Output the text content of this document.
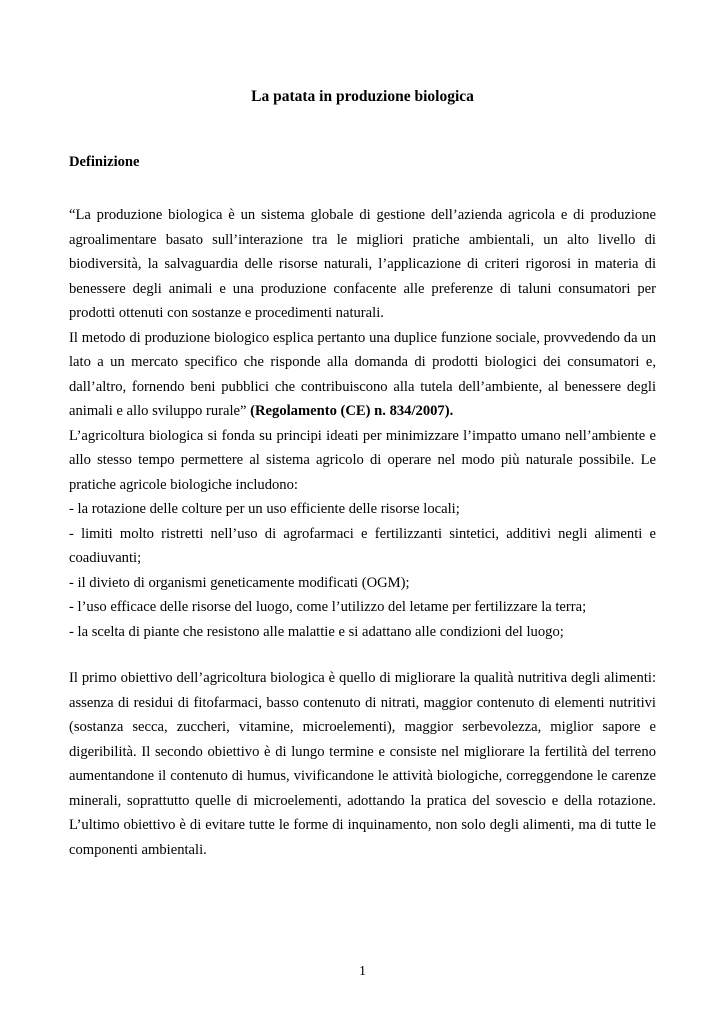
La patata in produzione biologica
Definizione

“La produzione biologica è un sistema globale di gestione dell’azienda agricola e di produzione agroalimentare basato sull’interazione tra le migliori pratiche ambientali, un alto livello di biodiversità, la salvaguardia delle risorse naturali, l’applicazione di criteri rigorosi in materia di benessere degli animali e una produzione confacente alle preferenze di taluni consumatori per prodotti ottenuti con sostanze e procedimenti naturali.

Il metodo di produzione biologico esplica pertanto una duplice funzione sociale, provvedendo da un lato a un mercato specifico che risponde alla domanda di prodotti biologici dei consumatori e, dall’altro, fornendo beni pubblici che contribuiscono alla tutela dell’ambiente, al benessere degli animali e allo sviluppo rurale” (Regolamento (CE) n. 834/2007).

L’agricoltura biologica si fonda su principi ideati per minimizzare l’impatto umano nell’ambiente e allo stesso tempo permettere al sistema agricolo di operare nel modo più naturale possibile. Le pratiche agricole biologiche includono:

- la rotazione delle colture per un uso efficiente delle risorse locali;

- limiti molto ristretti nell’uso di agrofarmaci e fertilizzanti sintetici, additivi negli alimenti e coadiuvanti;

- il divieto di organismi geneticamente modificati (OGM);

- l’uso efficace delle risorse del luogo, come l’utilizzo del letame per fertilizzare la terra;

- la scelta di piante che resistono alle malattie e si adattano alle condizioni del luogo;

Il primo obiettivo dell’agricoltura biologica è quello di migliorare la qualità nutritiva degli alimenti: assenza di residui di fitofarmaci, basso contenuto di nitrati, maggior contenuto di elementi nutritivi (sostanza secca, zuccheri, vitamine, microelementi), maggior serbevolezza, miglior sapore e digeribilità. Il secondo obiettivo è di lungo termine e consiste nel migliorare la fertilità del terreno aumentandone il contenuto di humus, vivificandone le attività biologiche, correggendone le carenze minerali, soprattutto quelle di microelementi, adottando la pratica del sovescio e della rotazione. L’ultimo obiettivo è di evitare tutte le forme di inquinamento, non solo degli alimenti, ma di tutte le componenti ambientali.

1
